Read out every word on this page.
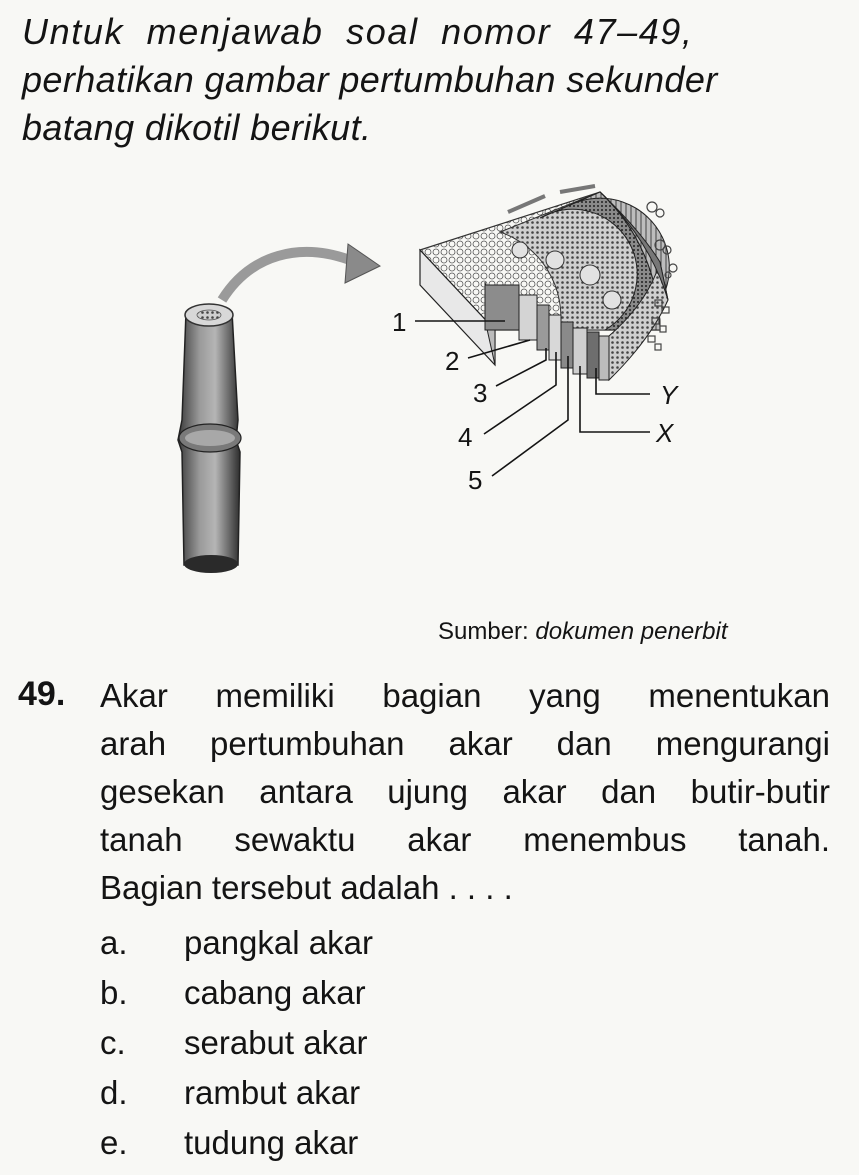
Untuk menjawab soal nomor 47–49,
perhatikan gambar pertumbuhan sekunder
batang dikotil berikut.
1
2
3
4
5
Y
X
Sumber: dokumen penerbit
49. Akar memiliki bagian yang menentukan
arah pertumbuhan akar dan mengurangi
gesekan antara ujung akar dan butir-butir
tanah sewaktu akar menembus tanah.
Bagian tersebut adalah . . . .
a. pangkal akar
b. cabang akar
c. serabut akar
d. rambut akar
e. tudung akar
